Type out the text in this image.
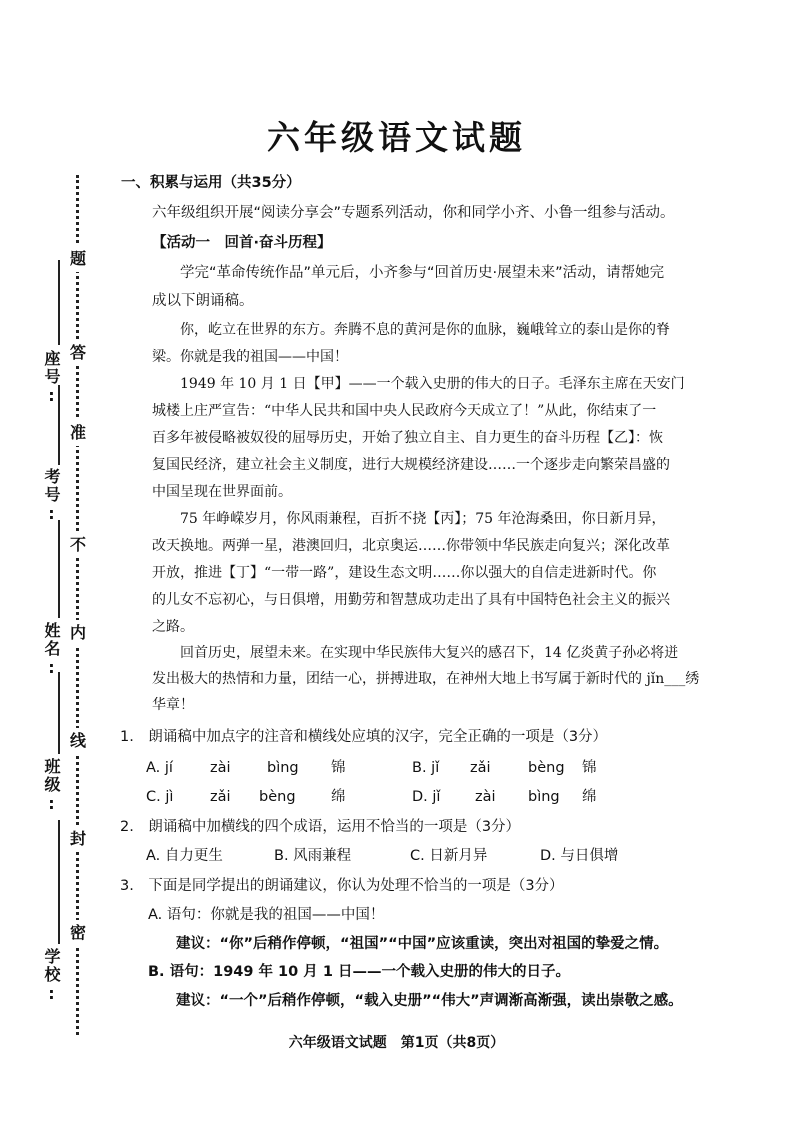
题
答
准
不
内
线
封
密
座号:
考号:
姓名:
班级:
学校:
六年级语文试题
一、积累与运用（共35分）
六年级组织开展“阅读分享会”专题系列活动，你和同学小齐、小鲁一组参与活动。
【活动一　回首·奋斗历程】
学完“革命传统作品”单元后，小齐参与“回首历史·展望未来”活动，请帮她完
成以下朗诵稿。
你，屹立在世界的东方。奔腾不息的黄河是你的血脉，巍峨耸立的泰山是你的脊
梁。你就是我的祖国——中国！
1949 年 10 月 1 日【甲】——一个载入史册的伟大的日子。毛泽东主席在天安门
城楼上庄严宣告：“中华人民共和国中央人民政府今天成立了！”从此，你结束了一
百多年被侵略被奴役的屈辱历史，开始了独立自主、自力更生的奋斗历程【乙】：恢
复国民经济，建立社会主义制度，进行大规模经济建设……一个逐步走向繁荣昌盛的
中国呈现在世界面前。
75 年峥嵘岁月，你风雨兼程，百折不挠【丙】；75 年沧海桑田，你日新月异，
改天换地。两弹一星，港澳回归，北京奥运……你带领中华民族走向复兴；深化改革
开放，推进【丁】“一带一路”，建设生态文明……你以强大的自信走进新时代。你
的儿女不忘初心，与日俱增，用勤劳和智慧成功走出了具有中国特色社会主义的振兴
之路。
回首历史，展望未来。在实现中华民族伟大复兴的感召下，14 亿炎黄子孙必将迸
发出极大的热情和力量，团结一心，拼搏进取，在神州大地上书写属于新时代的 jǐn___绣
华章！
1.　朗诵稿中加点字的注音和横线处应填的汉字，完全正确的一项是（3分）
A. jí	zài	bìng 锦	B. jǐ zǎi	bèng 锦
C. jì	zǎi bèng 绵	D. jǐ zài bìng 绵
2.　朗诵稿中加横线的四个成语，运用不恰当的一项是（3分）
A. 自力更生	B. 风雨兼程	C. 日新月异	D. 与日俱增
3.　下面是同学提出的朗诵建议，你认为处理不恰当的一项是（3分）
A. 语句：你就是我的祖国——中国！
建议：“你”后稍作停顿，“祖国”“中国”应该重读，突出对祖国的挚爱之情。
B. 语句：1949 年 10 月 1 日——一个载入史册的伟大的日子。
建议：“一个”后稍作停顿，“载入史册”“伟大”声调渐高渐强，读出崇敬之感。
六年级语文试题　第1页（共8页）
